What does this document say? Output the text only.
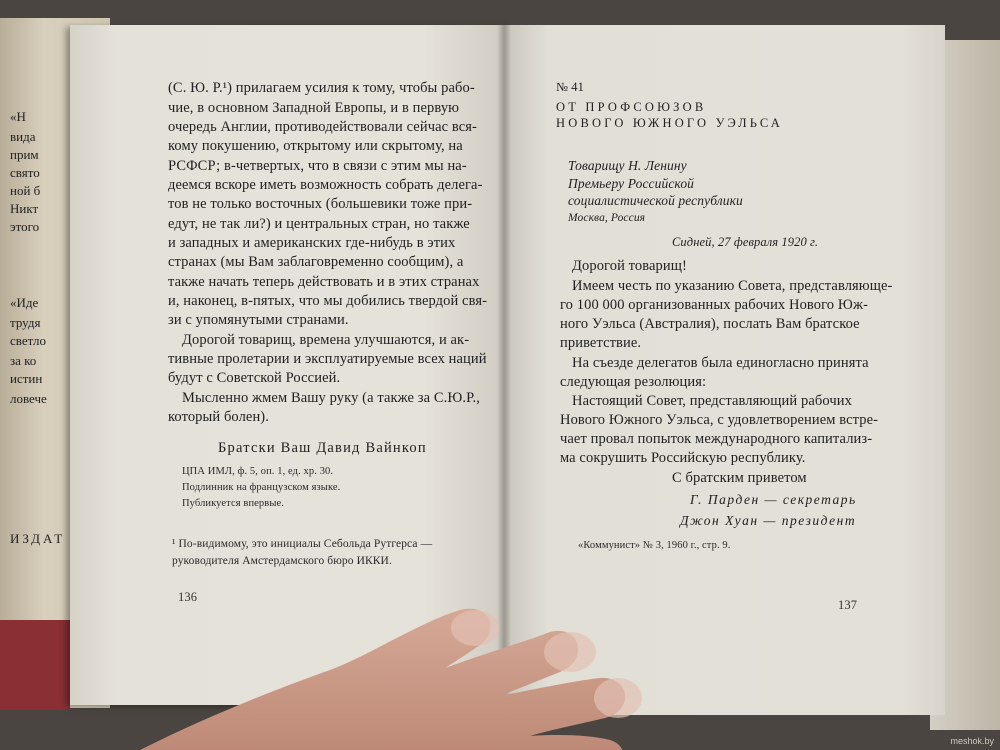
«Н
вида
прим
свято
ной б
Никт
этого
«Иде
трудя
светло
за ко
истин
ловече
ИЗДАТ
(С. Ю. Р.¹) прилагаем усилия к тому, чтобы рабо-
чие, в основном Западной Европы, и в первую
очередь Англии, противодействовали сейчас вся-
кому покушению, открытому или скрытому, на
РСФСР; в-четвертых, что в связи с этим мы на-
деемся вскоре иметь возможность собрать делега-
тов не только восточных (большевики тоже при-
едут, не так ли?) и центральных стран, но также
и западных и американских где-нибудь в этих
странах (мы Вам заблаговременно сообщим), а
также начать теперь действовать и в этих странах
и, наконец, в-пятых, что мы добились твердой свя-
зи с упомянутыми странами.
Дорогой товарищ, времена улучшаются, и ак-
тивные пролетарии и эксплуатируемые всех наций
будут с Советской Россией.
Мысленно жмем Вашу руку (а также за С.Ю.Р.,
который болен).
Братски Ваш Давид Вайнкоп
ЦПА ИМЛ, ф. 5, оп. 1, ед. хр. 30.
Подлинник на французском языке.
Публикуется впервые.
¹ По-видимому, это инициалы Себольда Рутгерса —
руководителя Амстердамского бюро ИККИ.
136
№ 41
ОТ ПРОФСОЮЗОВ
НОВОГО ЮЖНОГО УЭЛЬСА
Товарищу Н. Ленину
Премьеру Российской
социалистической республики
Москва, Россия
Сидней, 27 февраля 1920 г.
Дорогой товарищ!
Имеем честь по указанию Совета, представляюще-
го 100 000 организованных рабочих Нового Юж-
ного Уэльса (Австралия), послать Вам братское
приветствие.
На съезде делегатов была единогласно принята
следующая резолюция:
Настоящий Совет, представляющий рабочих
Нового Южного Уэльса, с удовлетворением встре-
чает провал попыток международного капитализ-
ма сокрушить Российскую республику.
С братским приветом
Г. Парден — секретарь
Джон Хуан — президент
«Коммунист» № 3, 1960 г., стр. 9.
137
meshok.by
